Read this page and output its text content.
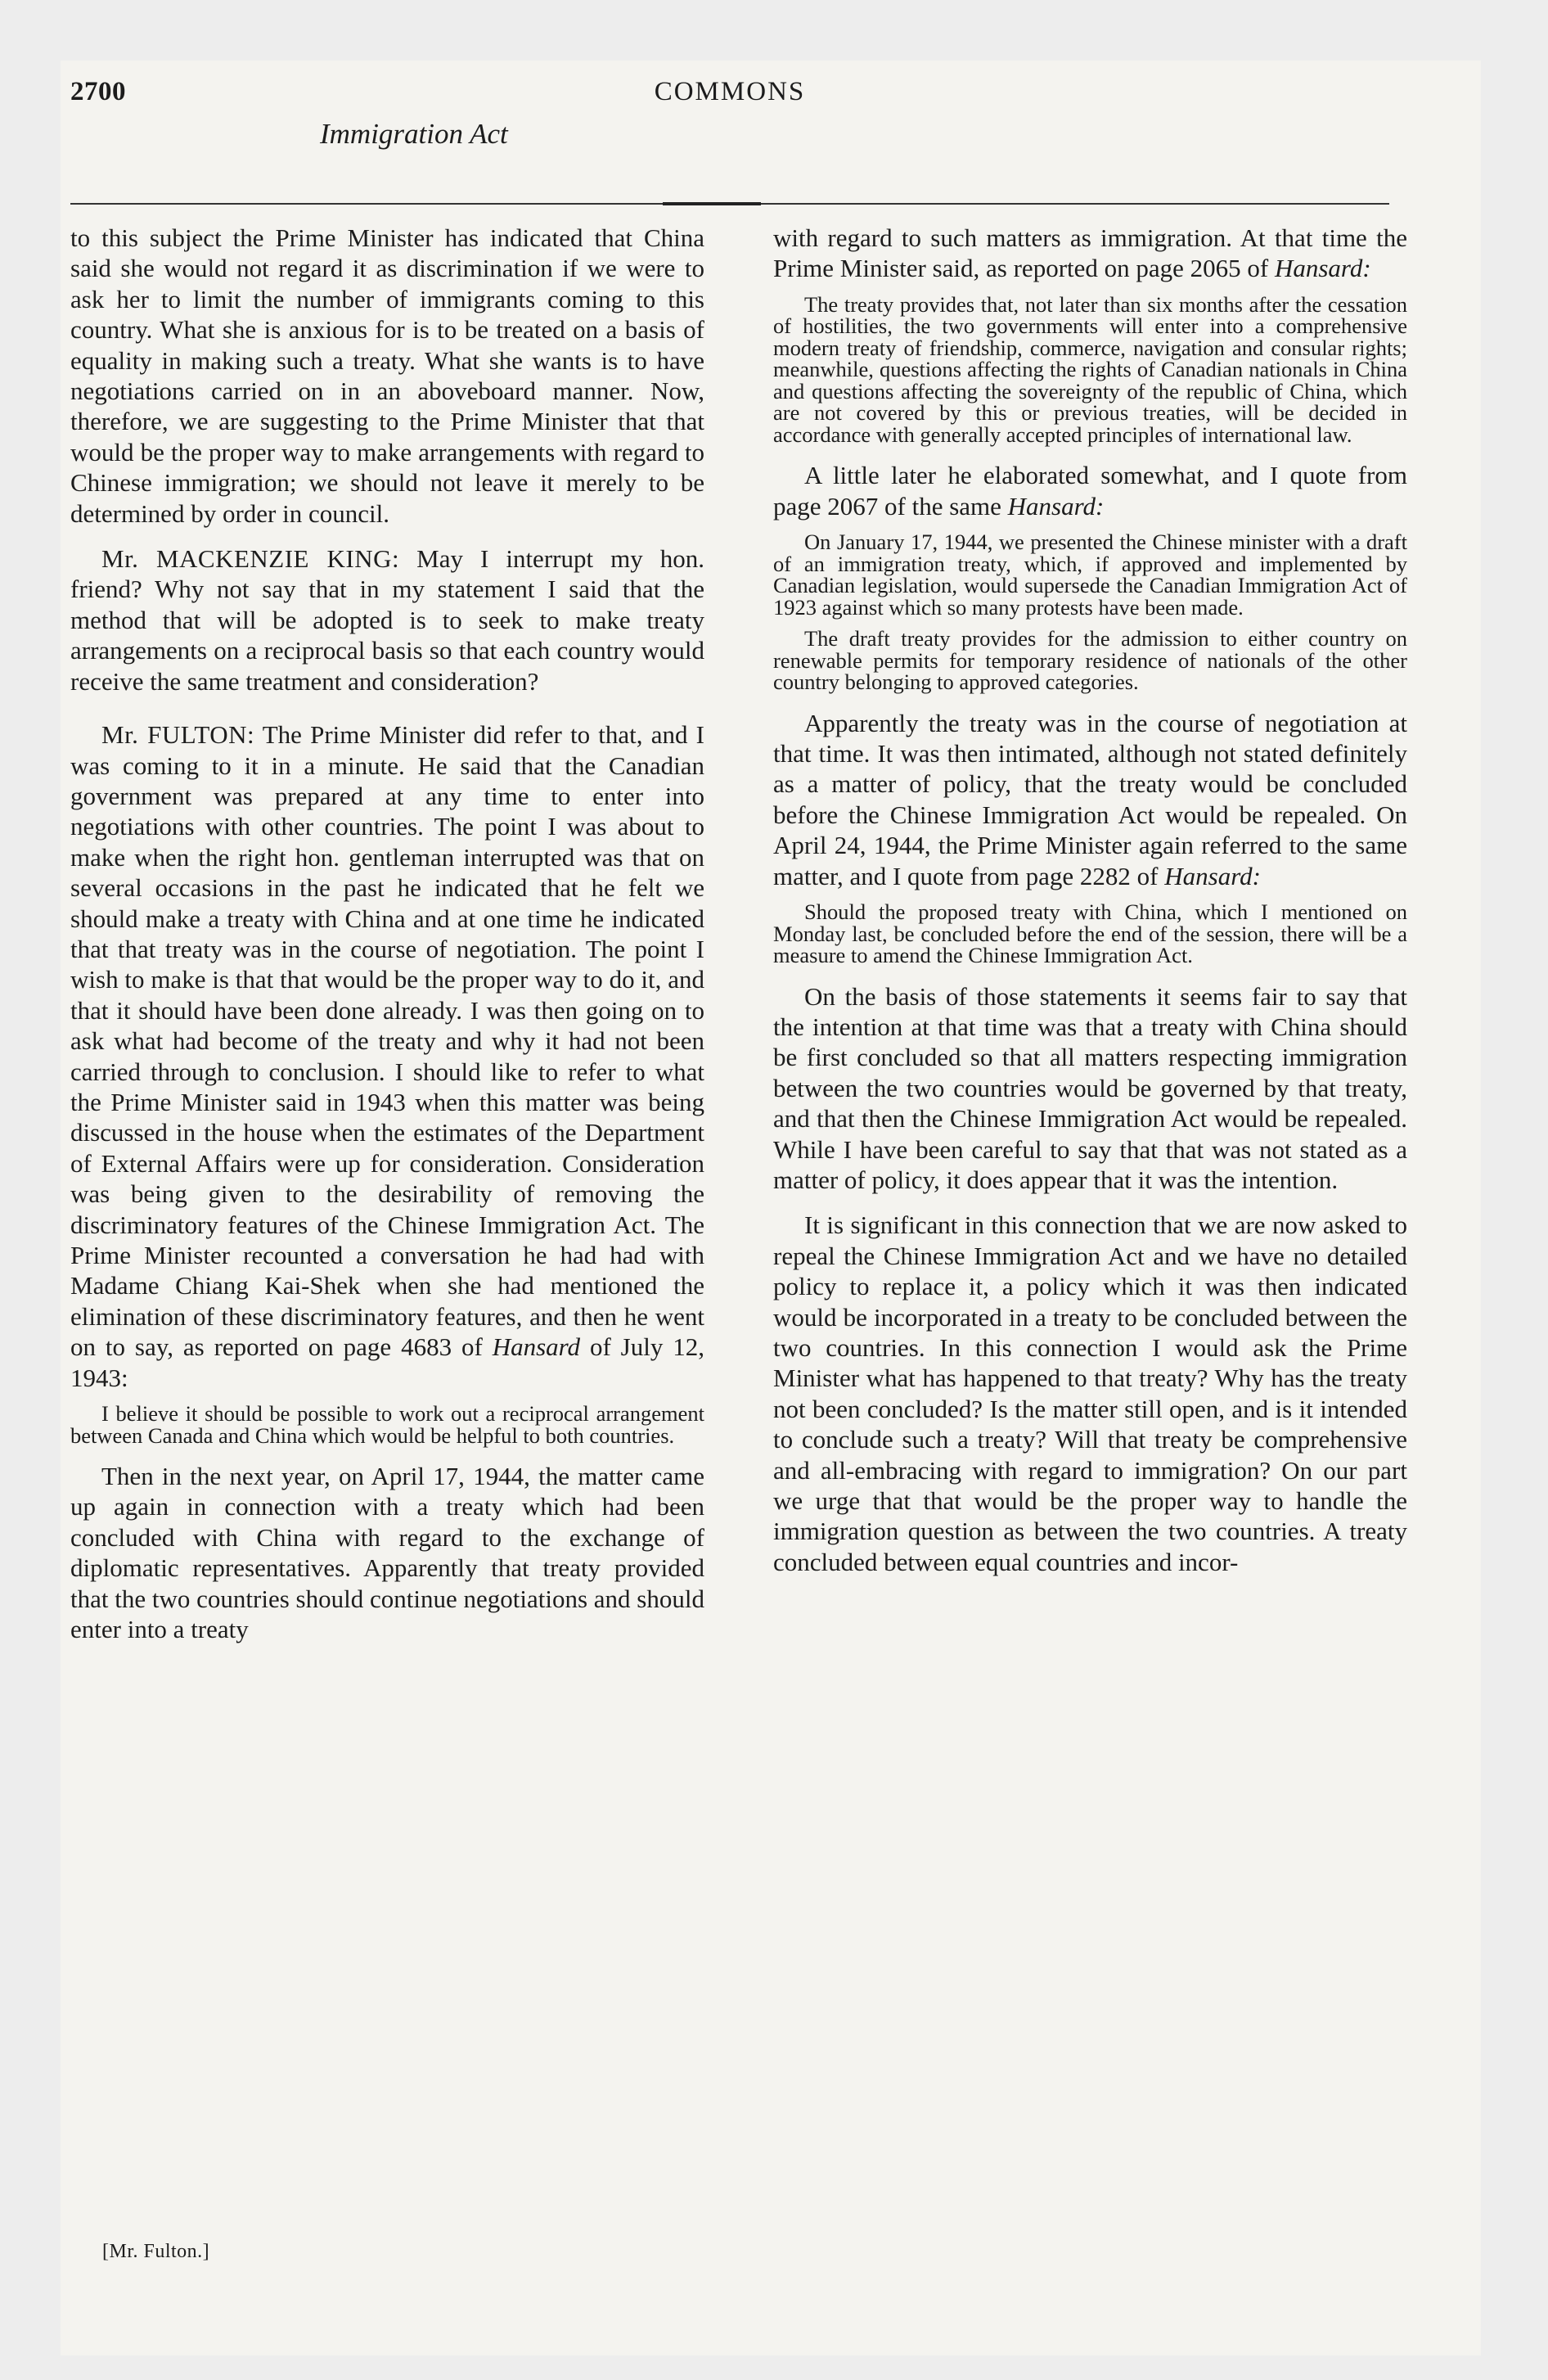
2700	COMMONS
Immigration Act

to this subject the Prime Minister has indicated that China said she would not regard it as discrimination if we were to ask her to limit the number of immigrants coming to this country. What she is anxious for is to be treated on a basis of equality in making such a treaty. What she wants is to have negotiations carried on in an aboveboard manner. Now, therefore, we are suggesting to the Prime Minister that that would be the proper way to make arrangements with regard to Chinese immigration; we should not leave it merely to be determined by order in council.

Mr. MACKENZIE KING: May I interrupt my hon. friend? Why not say that in my statement I said that the method that will be adopted is to seek to make treaty arrangements on a reciprocal basis so that each country would receive the same treatment and consideration?

Mr. FULTON: The Prime Minister did refer to that, and I was coming to it in a minute. He said that the Canadian government was prepared at any time to enter into negotiations with other countries. The point I was about to make when the right hon. gentleman interrupted was that on several occasions in the past he indicated that he felt we should make a treaty with China and at one time he indicated that that treaty was in the course of negotiation. The point I wish to make is that that would be the proper way to do it, and that it should have been done already. I was then going on to ask what had become of the treaty and why it had not been carried through to conclusion. I should like to refer to what the Prime Minister said in 1943 when this matter was being discussed in the house when the estimates of the Department of External Affairs were up for consideration. Consideration was being given to the desirability of removing the discriminatory features of the Chinese Immigration Act. The Prime Minister recounted a conversation he had had with Madame Chiang Kai-Shek when she had mentioned the elimination of these discriminatory features, and then he went on to say, as reported on page 4683 of Hansard of July 12, 1943:

I believe it should be possible to work out a reciprocal arrangement between Canada and China which would be helpful to both countries.

Then in the next year, on April 17, 1944, the matter came up again in connection with a treaty which had been concluded with China with regard to the exchange of diplomatic representatives. Apparently that treaty provided that the two countries should continue negotiations and should enter into a treaty

with regard to such matters as immigration. At that time the Prime Minister said, as reported on page 2065 of Hansard:

The treaty provides that, not later than six months after the cessation of hostilities, the two governments will enter into a comprehensive modern treaty of friendship, commerce, navigation and consular rights; meanwhile, questions affecting the rights of Canadian nationals in China and questions affecting the sovereignty of the republic of China, which are not covered by this or previous treaties, will be decided in accordance with generally accepted principles of international law.

A little later he elaborated somewhat, and I quote from page 2067 of the same Hansard:

On January 17, 1944, we presented the Chinese minister with a draft of an immigration treaty, which, if approved and implemented by Canadian legislation, would supersede the Canadian Immigration Act of 1923 against which so many protests have been made.

The draft treaty provides for the admission to either country on renewable permits for temporary residence of nationals of the other country belonging to approved categories.

Apparently the treaty was in the course of negotiation at that time. It was then intimated, although not stated definitely as a matter of policy, that the treaty would be concluded before the Chinese Immigration Act would be repealed. On April 24, 1944, the Prime Minister again referred to the same matter, and I quote from page 2282 of Hansard:

Should the proposed treaty with China, which I mentioned on Monday last, be concluded before the end of the session, there will be a measure to amend the Chinese Immigration Act.

On the basis of those statements it seems fair to say that the intention at that time was that a treaty with China should be first concluded so that all matters respecting immigration between the two countries would be governed by that treaty, and that then the Chinese Immigration Act would be repealed. While I have been careful to say that that was not stated as a matter of policy, it does appear that it was the intention.

It is significant in this connection that we are now asked to repeal the Chinese Immigration Act and we have no detailed policy to replace it, a policy which it was then indicated would be incorporated in a treaty to be concluded between the two countries. In this connection I would ask the Prime Minister what has happened to that treaty? Why has the treaty not been concluded? Is the matter still open, and is it intended to conclude such a treaty? Will that treaty be comprehensive and all-embracing with regard to immigration? On our part we urge that that would be the proper way to handle the immigration question as between the two countries. A treaty concluded between equal countries and incor-

[Mr. Fulton.]
